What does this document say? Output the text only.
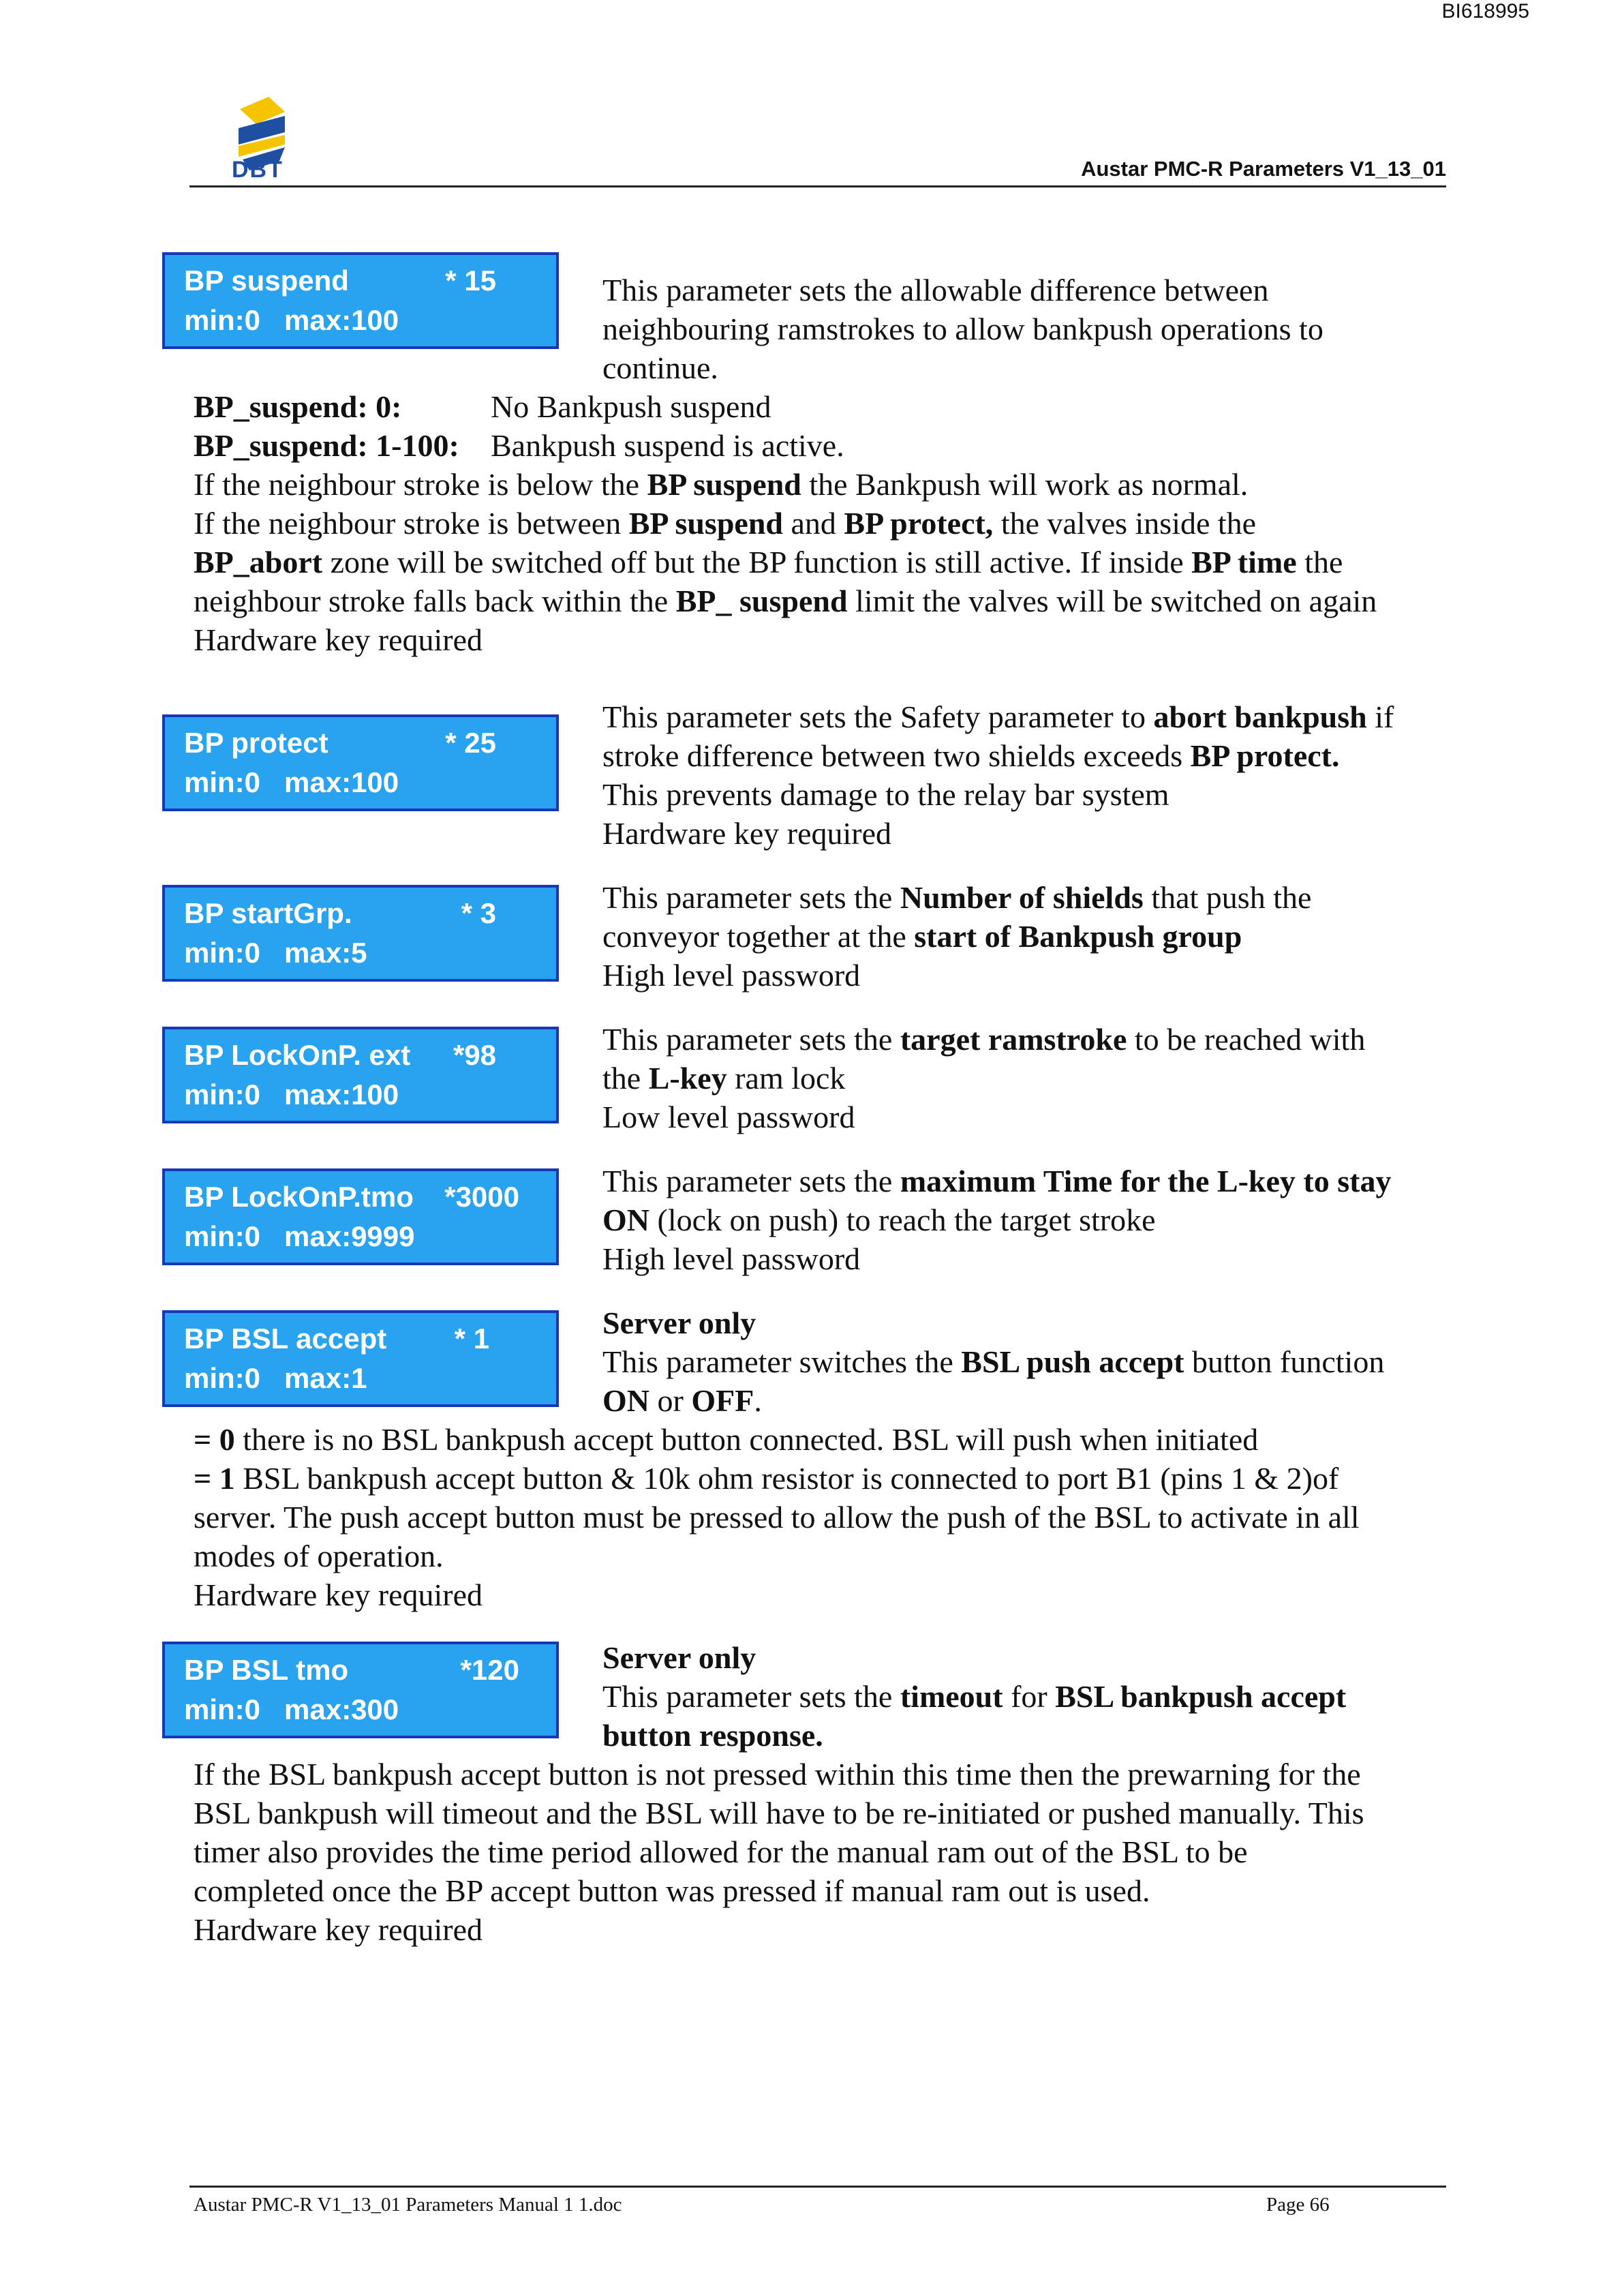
BI618995
DBT	Austar PMC-R Parameters V1_13_01
BP suspend	* 15
min:0   max:100
BP protect	* 25
min:0   max:100
BP startGrp.	* 3
min:0   max:5
BP LockOnP. ext *98
min:0   max:100
BP LockOnP.tmo *3000
min:0   max:9999
BP BSL accept * 1
min:0   max:1
BP BSL tmo	*120
min:0   max:300
This parameter sets the allowable difference between
neighbouring ramstrokes to allow bankpush operations to
continue.
BP_suspend: 0:	No Bankpush suspend
BP_suspend: 1-100: Bankpush suspend is active.
If the neighbour stroke is below the BP suspend the Bankpush will work as normal.
If the neighbour stroke is between BP suspend and BP protect, the valves inside the
BP_abort zone will be switched off but the BP function is still active. If inside BP time the
neighbour stroke falls back within the BP_ suspend limit the valves will be switched on again
Hardware key required
This parameter sets the Safety parameter to abort bankpush if
stroke difference between two shields exceeds BP protect.
This prevents damage to the relay bar system
Hardware key required
This parameter sets the Number of shields that push the
conveyor together at the start of Bankpush group
High level password
This parameter sets the target ramstroke to be reached with
the L-key ram lock
Low level password
This parameter sets the maximum Time for the L-key to stay
ON (lock on push) to reach the target stroke
High level password
Server only
This parameter switches the BSL push accept button function
ON or OFF.
= 0 there is no BSL bankpush accept button connected. BSL will push when initiated
= 1 BSL bankpush accept button & 10k ohm resistor is connected to port B1 (pins 1 & 2)of
server. The push accept button must be pressed to allow the push of the BSL to activate in all
modes of operation.
Hardware key required
Server only
This parameter sets the timeout for BSL bankpush accept
button response.
If the BSL bankpush accept button is not pressed within this time then the prewarning for the
BSL bankpush will timeout and the BSL will have to be re-initiated or pushed manually. This
timer also provides the time period allowed for the manual ram out of the BSL to be
completed once the BP accept button was pressed if manual ram out is used.
Hardware key required
Austar PMC-R V1_13_01 Parameters Manual 1 1.doc	Page 66
